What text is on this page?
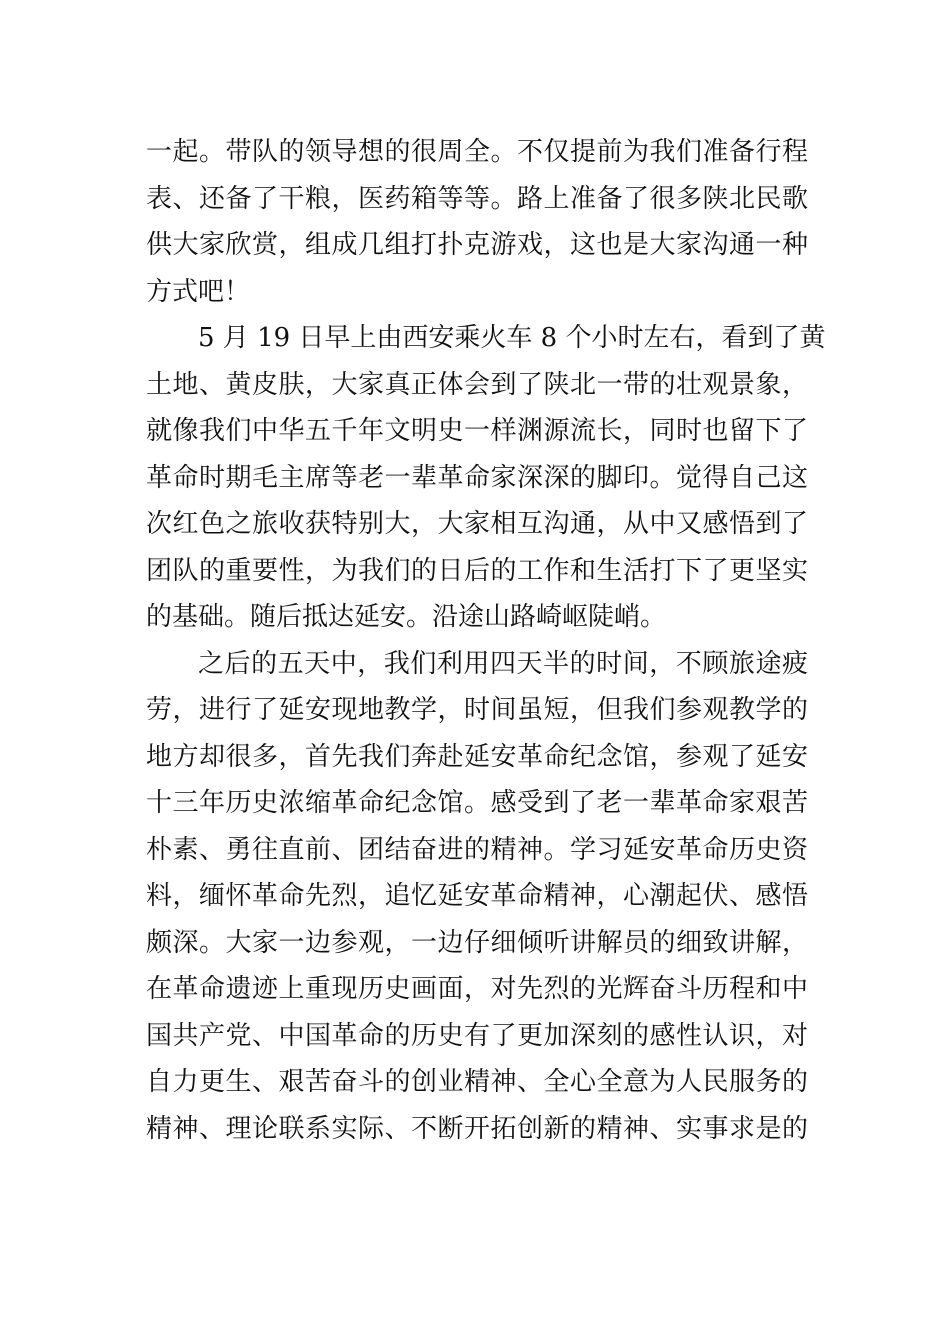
一起。带队的领导想的很周全。不仅提前为我们准备行程
表、还备了干粮，医药箱等等。路上准备了很多陕北民歌
供大家欣赏，组成几组打扑克游戏，这也是大家沟通一种
方式吧！
5 月 19 日早上由西安乘火车 8 个小时左右，看到了黄
土地、黄皮肤，大家真正体会到了陕北一带的壮观景象，
就像我们中华五千年文明史一样渊源流长，同时也留下了
革命时期毛主席等老一辈革命家深深的脚印。觉得自己这
次红色之旅收获特别大，大家相互沟通，从中又感悟到了
团队的重要性，为我们的日后的工作和生活打下了更坚实
的基础。随后抵达延安。沿途山路崎岖陡峭。
之后的五天中，我们利用四天半的时间，不顾旅途疲
劳，进行了延安现地教学，时间虽短，但我们参观教学的
地方却很多，首先我们奔赴延安革命纪念馆，参观了延安
十三年历史浓缩革命纪念馆。感受到了老一辈革命家艰苦
朴素、勇往直前、团结奋进的精神。学习延安革命历史资
料，缅怀革命先烈，追忆延安革命精神，心潮起伏、感悟
颇深。大家一边参观，一边仔细倾听讲解员的细致讲解，
在革命遗迹上重现历史画面，对先烈的光辉奋斗历程和中
国共产党、中国革命的历史有了更加深刻的感性认识，对
自力更生、艰苦奋斗的创业精神、全心全意为人民服务的
精神、理论联系实际、不断开拓创新的精神、实事求是的
